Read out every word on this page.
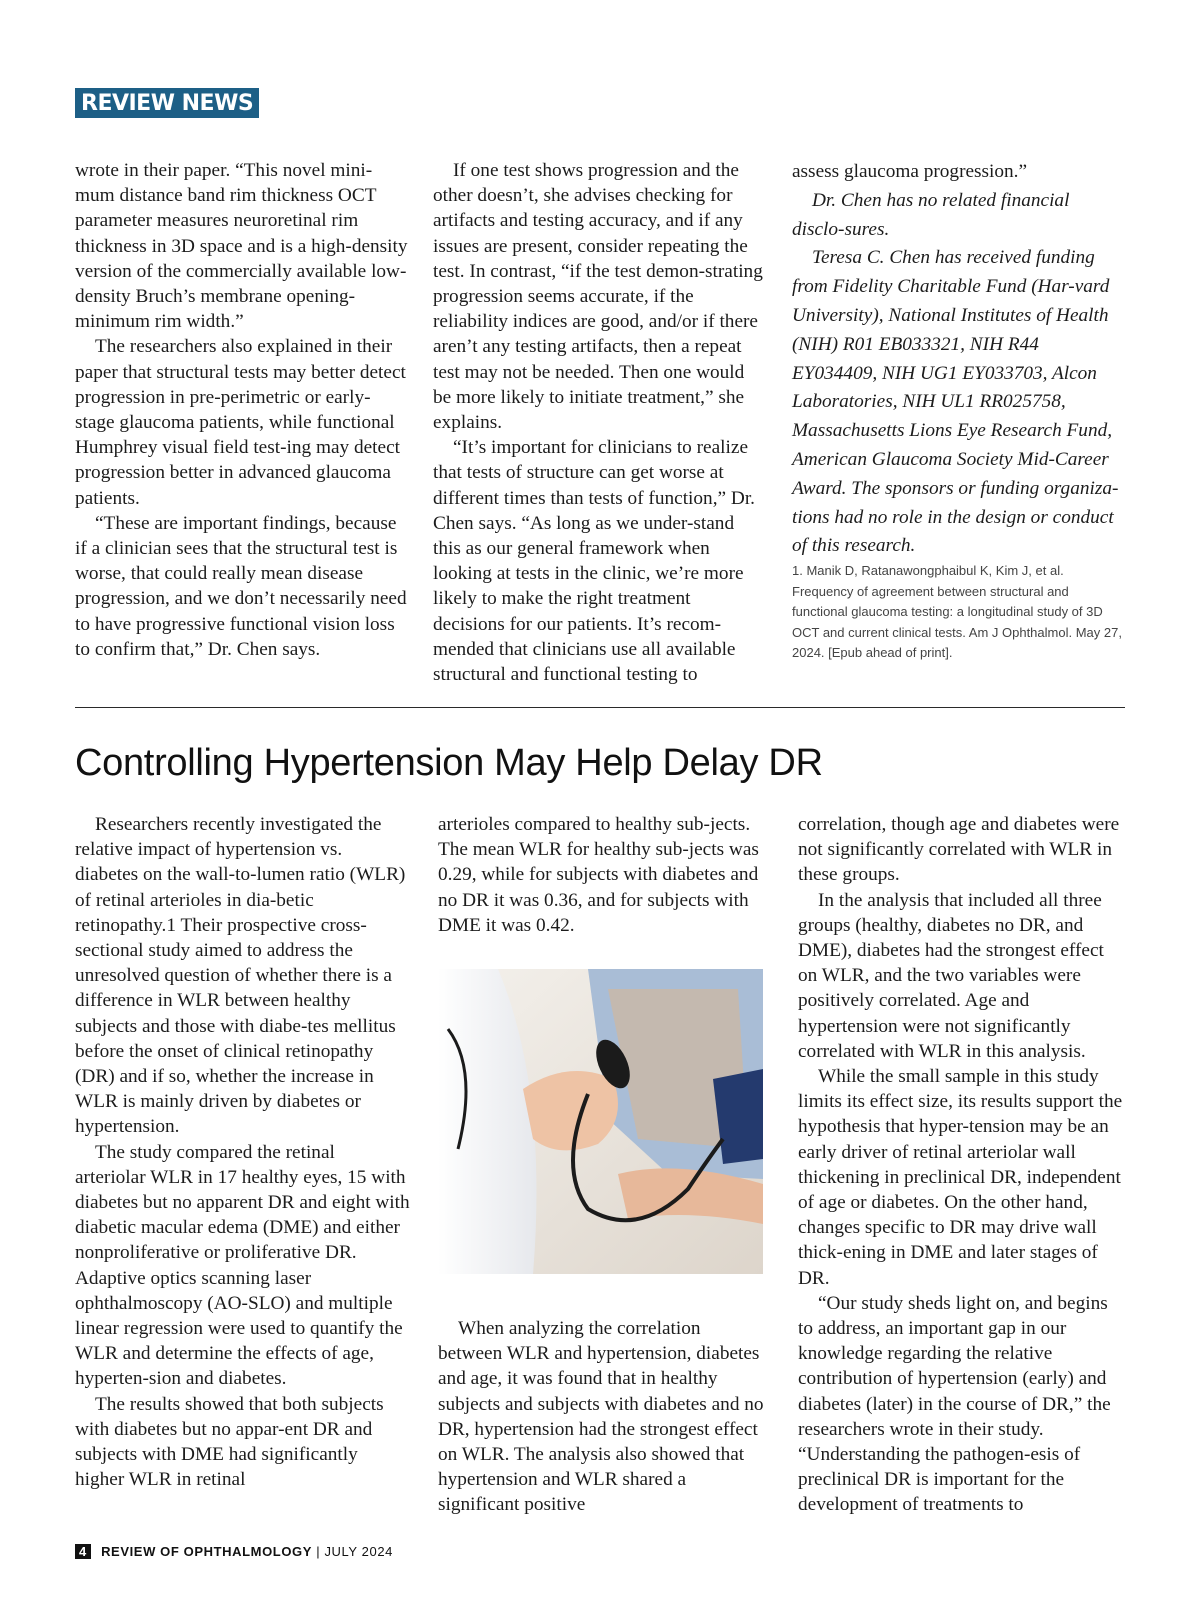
REVIEW NEWS

wrote in their paper. “This novel mini-mum distance band rim thickness OCT parameter measures neuroretinal rim thickness in 3D space and is a high-density version of the commercially available low-density Bruch’s membrane opening-minimum rim width.”

The researchers also explained in their paper that structural tests may better detect progression in pre-perimetric or early-stage glaucoma patients, while functional Humphrey visual field test-ing may detect progression better in advanced glaucoma patients.

“These are important findings, because if a clinician sees that the structural test is worse, that could really mean disease progression, and we don’t necessarily need to have progressive functional vision loss to confirm that,” Dr. Chen says.

If one test shows progression and the other doesn’t, she advises checking for artifacts and testing accuracy, and if any issues are present, consider repeating the test. In contrast, “if the test demon-strating progression seems accurate, if the reliability indices are good, and/or if there aren’t any testing artifacts, then a repeat test may not be needed. Then one would be more likely to initiate treatment,” she explains.

“It’s important for clinicians to realize that tests of structure can get worse at different times than tests of function,” Dr. Chen says. “As long as we under-stand this as our general framework when looking at tests in the clinic, we’re more likely to make the right treatment decisions for our patients. It’s recom-mended that clinicians use all available structural and functional testing to

assess glaucoma progression.”

Dr. Chen has no related financial disclo-sures.

Teresa C. Chen has received funding from Fidelity Charitable Fund (Har-vard University), National Institutes of Health (NIH) R01 EB033321, NIH R44 EY034409, NIH UG1 EY033703, Alcon Laboratories, NIH UL1 RR025758, Massachusetts Lions Eye Research Fund, American Glaucoma Society Mid-Career Award. The sponsors or funding organiza-tions had no role in the design or conduct of this research.

1. Manik D, Ratanawongphaibul K, Kim J, et al. Frequency of agreement between structural and functional glaucoma testing: a longitudinal study of 3D OCT and current clinical tests. Am J Ophthalmol. May 27, 2024. [Epub ahead of print].

Controlling Hypertension May Help Delay DR

Researchers recently investigated the relative impact of hypertension vs. diabetes on the wall-to-lumen ratio (WLR) of retinal arterioles in dia-betic retinopathy.1 Their prospective cross-sectional study aimed to address the unresolved question of whether there is a difference in WLR between healthy subjects and those with diabe-tes mellitus before the onset of clinical retinopathy (DR) and if so, whether the increase in WLR is mainly driven by diabetes or hypertension.

The study compared the retinal arteriolar WLR in 17 healthy eyes, 15 with diabetes but no apparent DR and eight with diabetic macular edema (DME) and either nonproliferative or proliferative DR. Adaptive optics scanning laser ophthalmoscopy (AO-SLO) and multiple linear regression were used to quantify the WLR and determine the effects of age, hyperten-sion and diabetes.

The results showed that both subjects with diabetes but no appar-ent DR and subjects with DME had significantly higher WLR in retinal

arterioles compared to healthy sub-jects. The mean WLR for healthy sub-jects was 0.29, while for subjects with diabetes and no DR it was 0.36, and for subjects with DME it was 0.42.

When analyzing the correlation between WLR and hypertension, diabetes and age, it was found that in healthy subjects and subjects with diabetes and no DR, hypertension had the strongest effect on WLR. The analysis also showed that hypertension and WLR shared a significant positive

correlation, though age and diabetes were not significantly correlated with WLR in these groups.

In the analysis that included all three groups (healthy, diabetes no DR, and DME), diabetes had the strongest effect on WLR, and the two variables were positively correlated. Age and hypertension were not significantly correlated with WLR in this analysis.

While the small sample in this study limits its effect size, its results support the hypothesis that hyper-tension may be an early driver of retinal arteriolar wall thickening in preclinical DR, independent of age or diabetes. On the other hand, changes specific to DR may drive wall thick-ening in DME and later stages of DR.

“Our study sheds light on, and begins to address, an important gap in our knowledge regarding the relative contribution of hypertension (early) and diabetes (later) in the course of DR,” the researchers wrote in their study. “Understanding the pathogen-esis of preclinical DR is important for the development of treatments to

4 REVIEW OF OPHTHALMOLOGY | JULY 2024
